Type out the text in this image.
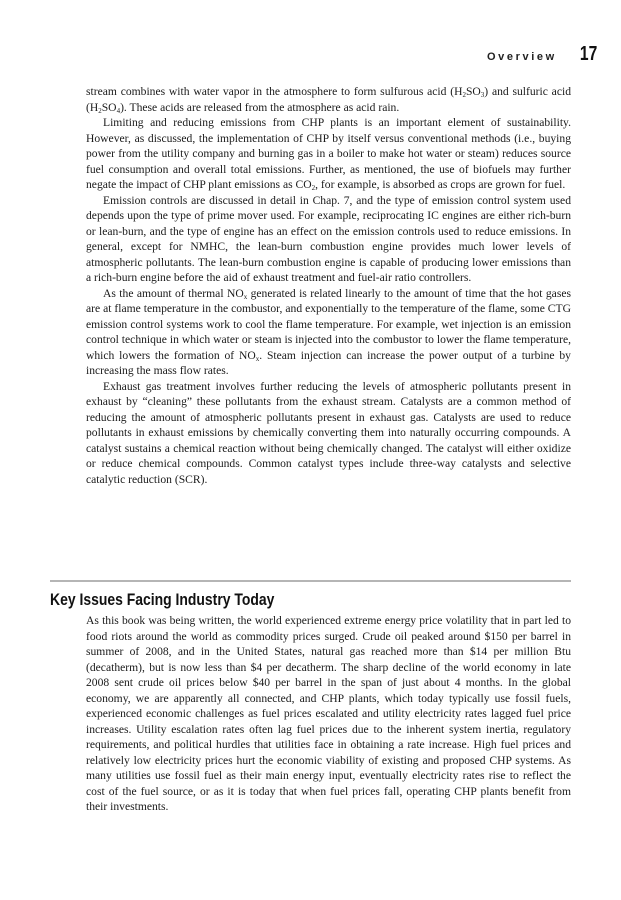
Overview 17

stream combines with water vapor in the atmosphere to form sulfurous acid $(H_2SO_3)$ and sulfuric acid $(H_2SO_4)$. These acids are released from the atmosphere as acid rain.

Limiting and reducing emissions from CHP plants is an important element of sustainability. However, as discussed, the implementation of CHP by itself versus conventional methods (i.e., buying power from the utility company and burning gas in a boiler to make hot water or steam) reduces source fuel consumption and overall total emissions. Further, as mentioned, the use of biofuels may further negate the impact of CHP plant emissions as $CO_2$, for example, is absorbed as crops are grown for fuel.

Emission controls are discussed in detail in Chap. 7, and the type of emission control system used depends upon the type of prime mover used. For example, reciprocating IC engines are either rich-burn or lean-burn, and the type of engine has an effect on the emission controls used to reduce emissions. In general, except for NMHC, the lean-burn combustion engine provides much lower levels of atmospheric pollutants. The lean-burn combustion engine is capable of producing lower emissions than a rich-burn engine before the aid of exhaust treatment and fuel-air ratio controllers.

As the amount of thermal $NO_x$ generated is related linearly to the amount of time that the hot gases are at flame temperature in the combustor, and exponentially to the temperature of the flame, some CTG emission control systems work to cool the flame temperature. For example, wet injection is an emission control technique in which water or steam is injected into the combustor to lower the flame temperature, which lowers the formation of $NO_x$. Steam injection can increase the power output of a turbine by increasing the mass flow rates.

Exhaust gas treatment involves further reducing the levels of atmospheric pollutants present in exhaust by “cleaning” these pollutants from the exhaust stream. Catalysts are a common method of reducing the amount of atmospheric pollutants present in exhaust gas. Catalysts are used to reduce pollutants in exhaust emissions by chemically converting them into naturally occurring compounds. A catalyst sustains a chemical reaction without being chemically changed. The catalyst will either oxidize or reduce chemical compounds. Common catalyst types include three-way catalysts and selective catalytic reduction (SCR).

Key Issues Facing Industry Today

As this book was being written, the world experienced extreme energy price volatility that in part led to food riots around the world as commodity prices surged. Crude oil peaked around $150 per barrel in summer of 2008, and in the United States, natural gas reached more than $14 per million Btu (decatherm), but is now less than $4 per decatherm. The sharp decline of the world economy in late 2008 sent crude oil prices below $40 per barrel in the span of just about 4 months. In the global economy, we are apparently all connected, and CHP plants, which today typically use fossil fuels, experienced economic challenges as fuel prices escalated and utility electricity rates lagged fuel price increases. Utility escalation rates often lag fuel prices due to the inherent system inertia, regulatory requirements, and political hurdles that utilities face in obtaining a rate increase. High fuel prices and relatively low electricity prices hurt the economic viability of existing and proposed CHP systems. As many utilities use fossil fuel as their main energy input, eventually electricity rates rise to reflect the cost of the fuel source, or as it is today that when fuel prices fall, operating CHP plants benefit from their investments.
